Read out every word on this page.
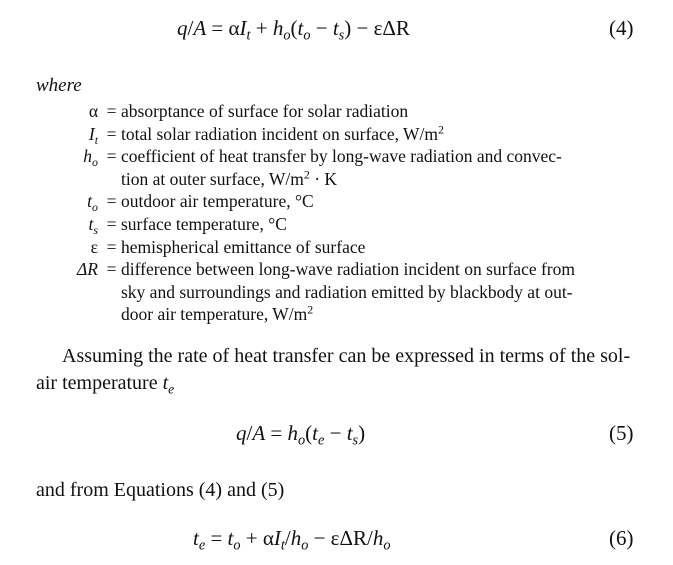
$q/A = \alpha I_t + h_o(t_o - t_s) - \varepsilon\Delta R$	(4)
where
α = absorptance of surface for solar radiation
$I_t$ = total solar radiation incident on surface, $W/m^2$
$h_o$ = coefficient of heat transfer by long-wave radiation and convec-
tion at outer surface, $W/m^2 \cdot K$
$t_o$ = outdoor air temperature, °C
$t_s$ = surface temperature, °C
ε = hemispherical emittance of surface
ΔR = difference between long-wave radiation incident on surface from
sky and surroundings and radiation emitted by blackbody at out-
door air temperature, $W/m^2$
Assuming the rate of heat transfer can be expressed in terms of the sol-air temperature $t_e$
$q/A = h_o(t_e - t_s)$	(5)
and from Equations (4) and (5)
$t_e = t_o + \alpha I_t/h_o - \varepsilon\Delta R/h_o$	(6)
